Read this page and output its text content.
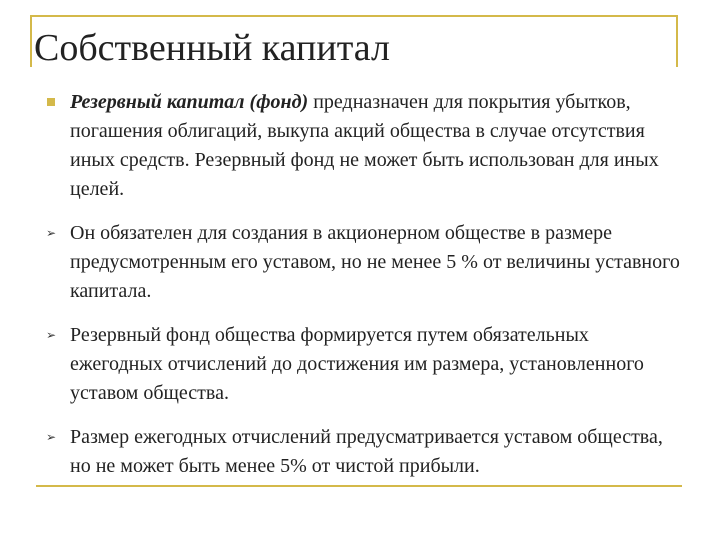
Собственный капитал
Резервный капитал (фонд) предназначен для покрытия убытков, погашения облигаций, выкупа акций общества в случае отсутствия иных средств. Резервный фонд не может быть использован для иных целей.
➢ Он обязателен для создания в акционерном обществе в размере предусмотренным его уставом, но не менее 5 % от величины уставного капитала.
➢ Резервный фонд общества формируется путем обязательных ежегодных отчислений до достижения им размера, установленного уставом общества.
➢ Размер ежегодных отчислений предусматривается уставом общества, но не может быть менее 5% от чистой прибыли.
